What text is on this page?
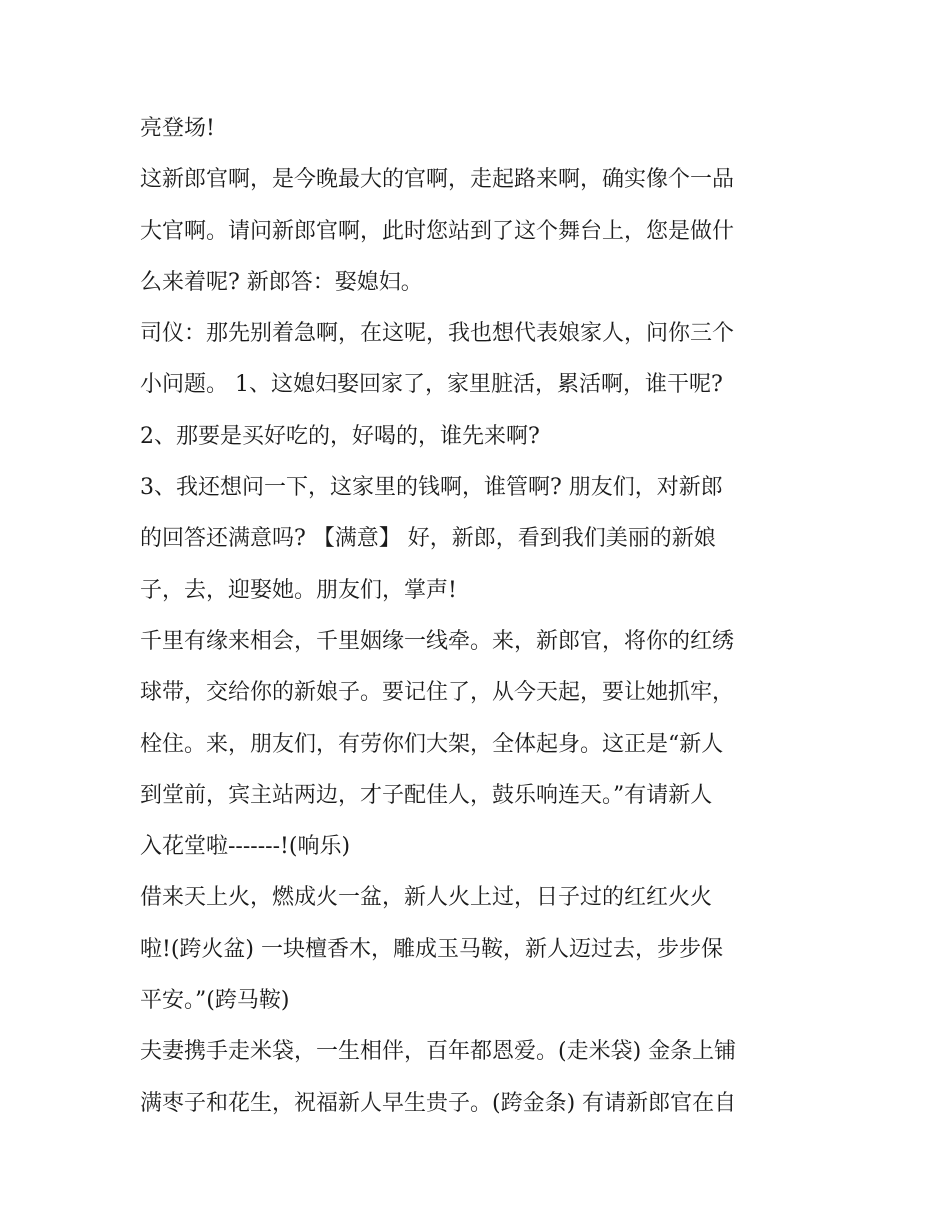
亮登场!
这新郎官啊，是今晚最大的官啊，走起路来啊，确实像个一品
大官啊。请问新郎官啊，此时您站到了这个舞台上，您是做什
么来着呢? 新郎答：娶媳妇。
司仪：那先别着急啊，在这呢，我也想代表娘家人，问你三个
小问题。 1、这媳妇娶回家了，家里脏活，累活啊，谁干呢?
2、那要是买好吃的，好喝的，谁先来啊?
3、我还想问一下，这家里的钱啊，谁管啊? 朋友们，对新郎
的回答还满意吗? 【满意】 好，新郎，看到我们美丽的新娘
子，去，迎娶她。朋友们，掌声!
千里有缘来相会，千里姻缘一线牵。来，新郎官，将你的红绣
球带，交给你的新娘子。要记住了，从今天起，要让她抓牢，
栓住。来，朋友们，有劳你们大架，全体起身。这正是“新人
到堂前，宾主站两边，才子配佳人，鼓乐响连天。”有请新人
入花堂啦-------!(响乐)
借来天上火，燃成火一盆，新人火上过，日子过的红红火火
啦!(跨火盆) 一块檀香木，雕成玉马鞍，新人迈过去，步步保
平安。”(跨马鞍)
夫妻携手走米袋，一生相伴，百年都恩爱。(走米袋) 金条上铺
满枣子和花生，祝福新人早生贵子。(跨金条) 有请新郎官在自
